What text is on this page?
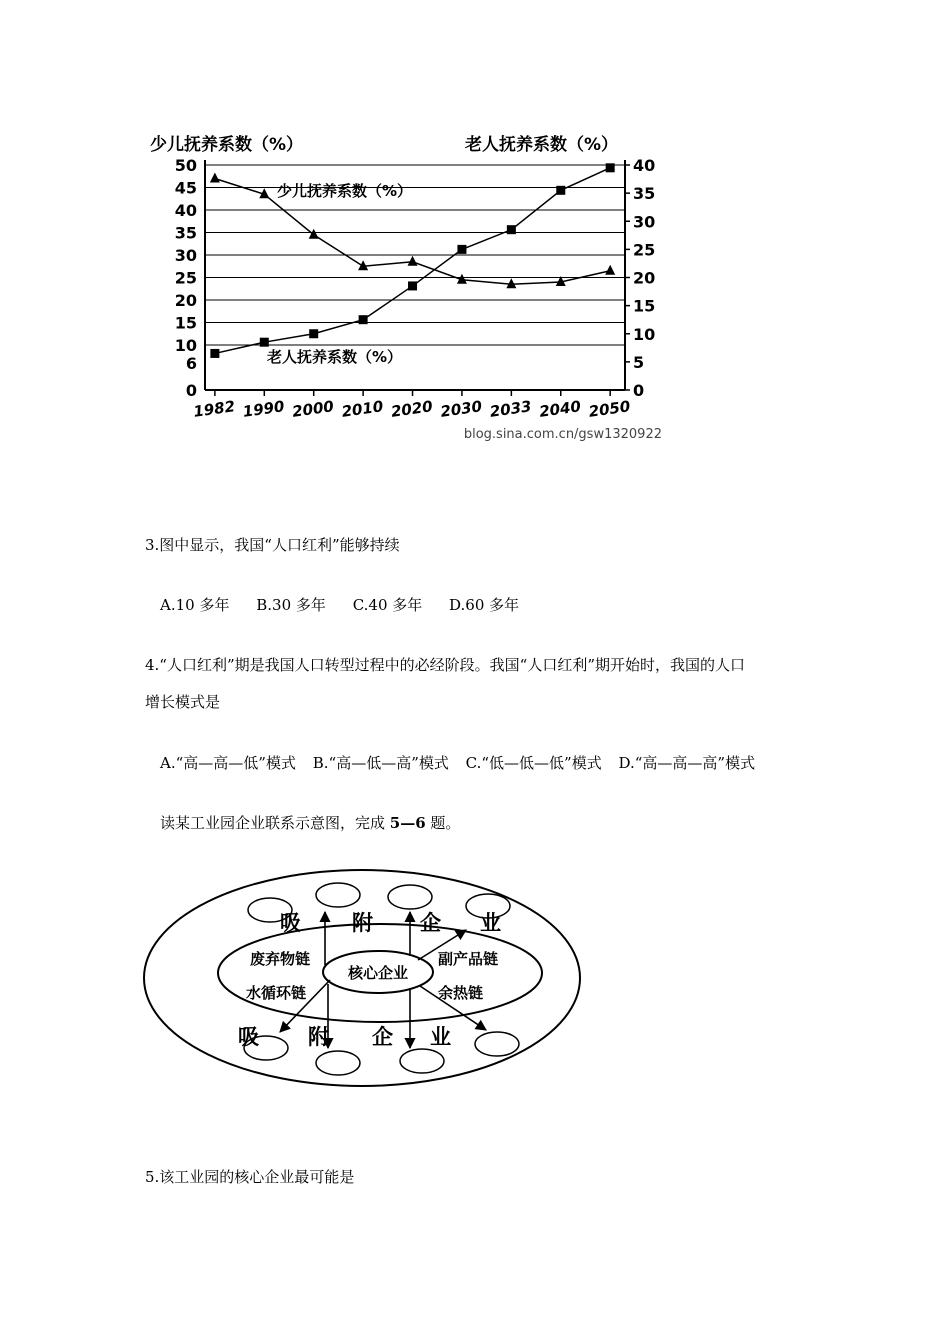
少儿抚养系数（%）	老人抚养系数（%）
少儿抚养系数（%）
老人抚养系数（%）
0
6
10
15
20
25
30
35
40
45
50
0
5
10
15
20
25
30
35
40
1982 1990 2000 2010 2020 2030 2033 2040 2050
blog.sina.com.cn/gsw1320922
3.图中显示，我国“人口红利”能够持续
A.10 多年 B.30 多年 C.40 多年 D.60 多年
4.“人口红利”期是我国人口转型过程中的必经阶段。我国“人口红利”期开始时，我国的人口
增长模式是
A.“高—高—低”模式 B.“高—低—高”模式 C.“低—低—低”模式 D.“高—高—高”模式
读某工业园企业联系示意图，完成 5—6 题。
核心企业
废弃物链	副产品链
水循环链	余热链
吸 附 企 业
吸 附 企 业
5.该工业园的核心企业最可能是
